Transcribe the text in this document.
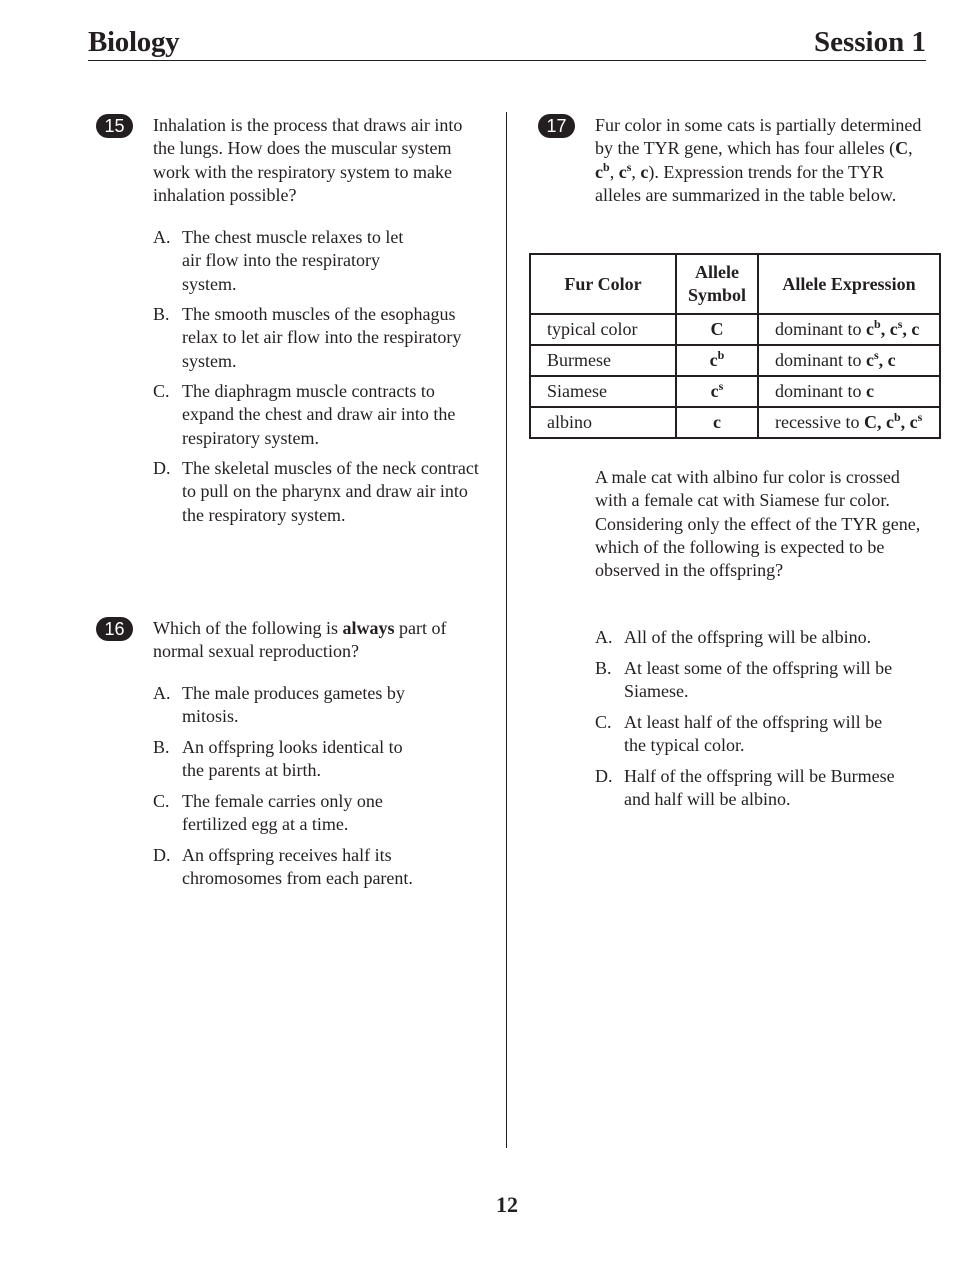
Biology	Session 1
15	Inhalation is the process that draws air into the lungs. How does the muscular system work with the respiratory system to make inhalation possible?
A. The chest muscle relaxes to let air flow into the respiratory system.
B. The smooth muscles of the esophagus relax to let air flow into the respiratory system.
C. The diaphragm muscle contracts to expand the chest and draw air into the respiratory system.
D. The skeletal muscles of the neck contract to pull on the pharynx and draw air into the respiratory system.
16	Which of the following is always part of normal sexual reproduction?
A. The male produces gametes by mitosis.
B. An offspring looks identical to the parents at birth.
C. The female carries only one fertilized egg at a time.
D. An offspring receives half its chromosomes from each parent.
17	Fur color in some cats is partially determined by the TYR gene, which has four alleles (C, $c^b$, $c^s$, c). Expression trends for the TYR alleles are summarized in the table below.
Fur Color	Allele Symbol	Allele Expression
typical color	C	dominant to $c^b$, $c^s$, c
Burmese	$c^b$	dominant to $c^s$, c
Siamese	$c^s$	dominant to c
albino	c	recessive to C, $c^b$, $c^s$
A male cat with albino fur color is crossed with a female cat with Siamese fur color. Considering only the effect of the TYR gene, which of the following is expected to be observed in the offspring?
A. All of the offspring will be albino.
B. At least some of the offspring will be Siamese.
C. At least half of the offspring will be the typical color.
D. Half of the offspring will be Burmese and half will be albino.
12
